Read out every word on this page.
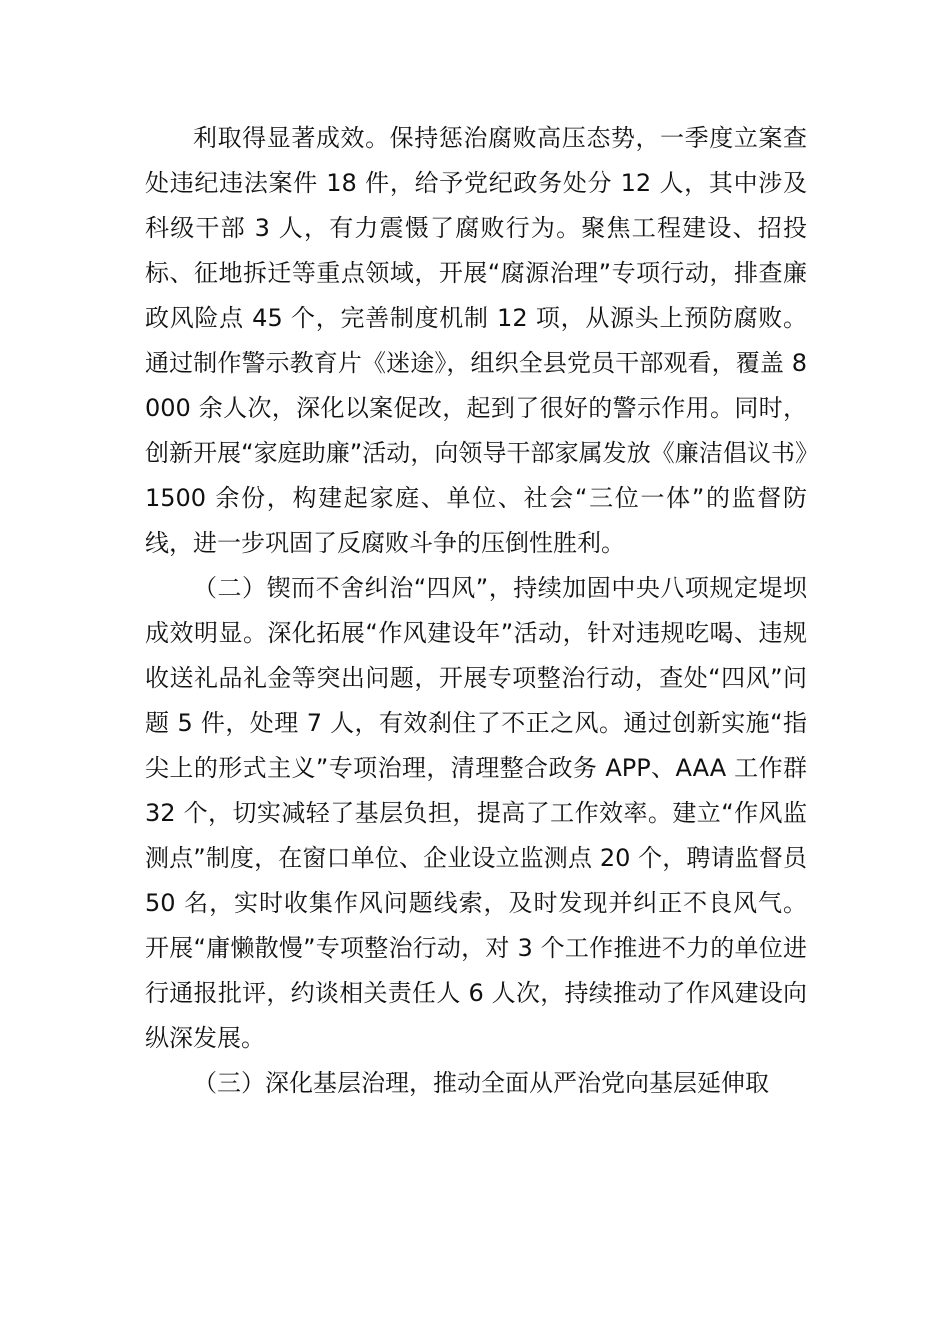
利取得显著成效。保持惩治腐败高压态势，一季度立案查处违纪违法案件 18 件，给予党纪政务处分 12 人，其中涉及科级干部 3 人，有力震慑了腐败行为。聚焦工程建设、招投标、征地拆迁等重点领域，开展“腐源治理”专项行动，排查廉政风险点 45 个，完善制度机制 12 项，从源头上预防腐败。通过制作警示教育片《迷途》，组织全县党员干部观看，覆盖 8000 余人次，深化以案促改，起到了很好的警示作用。同时，创新开展“家庭助廉”活动，向领导干部家属发放《廉洁倡议书》1500 余份，构建起家庭、单位、社会“三位一体”的监督防线，进一步巩固了反腐败斗争的压倒性胜利。

（二）锲而不舍纠治“四风”，持续加固中央八项规定堤坝成效明显。深化拓展“作风建设年”活动，针对违规吃喝、违规收送礼品礼金等突出问题，开展专项整治行动，查处“四风”问题 5 件，处理 7 人，有效刹住了不正之风。通过创新实施“指尖上的形式主义”专项治理，清理整合政务 APP、AAA 工作群 32 个，切实减轻了基层负担，提高了工作效率。建立“作风监测点”制度，在窗口单位、企业设立监测点 20 个，聘请监督员 50 名，实时收集作风问题线索，及时发现并纠正不良风气。开展“庸懒散慢”专项整治行动，对 3 个工作推进不力的单位进行通报批评，约谈相关责任人 6 人次，持续推动了作风建设向纵深发展。

（三）深化基层治理，推动全面从严治党向基层延伸取
